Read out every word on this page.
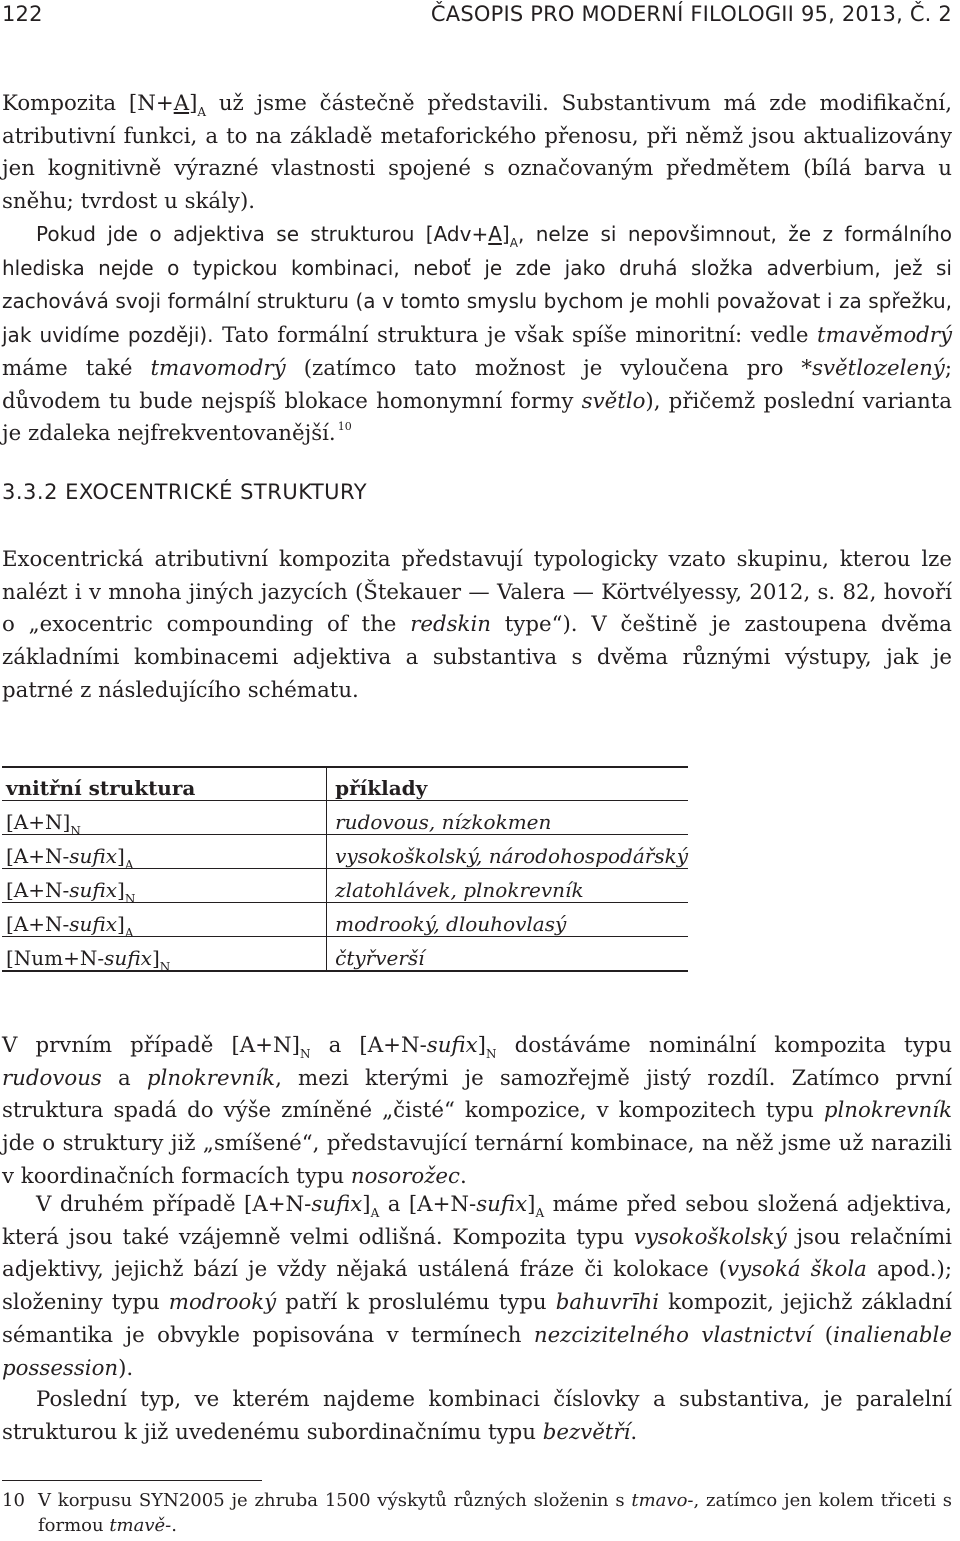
122	ČASOPIS PRO MODERNÍ FILOLOGII 95, 2013, Č. 2
Kompozita $[N+A]_A$ už jsme částečně představili. Substantivum má zde modifikační, atributivní funkci, a to na základě metaforického přenosu, při němž jsou aktualizovány jen kognitivně výrazné vlastnosti spojené s označovaným předmětem (bílá barva u sněhu; tvrdost u skály).
Pokud jde o adjektiva se strukturou $[Adv+A]_A$, nelze si nepovšimnout, že z formálního hlediska nejde o typickou kombinaci, neboť je zde jako druhá složka adverbium, jež si zachovává svoji formální strukturu (a v tomto smyslu bychom je mohli považovat i za spřežku, jak uvidíme později). Tato formální struktura je však spíše minoritní: vedle tmavěmodrý máme také tmavomodrý (zatímco tato možnost je vyloučena pro *světlozelený; důvodem tu bude nejspíš blokace homonymní formy světlo), přičemž poslední varianta je zdaleka nejfrekventovanější. $^{10}$
3.3.2 EXOCENTRICKÉ STRUKTURY
Exocentrická atributivní kompozita představují typologicky vzato skupinu, kterou lze nalézt i v mnoha jiných jazycích (Štekauer — Valera — Körtvélyessy, 2012, s. 82, hovoří o „exocentric compounding of the redskin type“). V češtině je zastoupena dvěma základními kombinacemi adjektiva a substantiva s dvěma různými výstupy, jak je patrné z následujícího schématu.
vnitřní struktura	příklady
$[A+N]_N$	rudovous, nízkokmen
$[A+N-sufix]_A$	vysokoškolský, národohospodářský
$[A+N-sufix]_N$	zlatohlávek, plnokrevník
$[A+N-sufix]_A$	modrooký, dlouhovlasý
$[Num+N-sufix]_N$	čtyřverší
V prvním případě $[A+N]_N$ a $[A+N-sufix]_N$ dostáváme nominální kompozita typu rudovous a plnokrevník, mezi kterými je samozřejmě jistý rozdíl. Zatímco první struktura spadá do výše zmíněné „čisté“ kompozice, v kompozitech typu plnokrevník jde o struktury již „smíšené“, představující ternární kombinace, na něž jsme už narazili v koordinačních formacích typu nosorožec.
V druhém případě $[A+N-sufix]_A$ a $[A+N-sufix]_A$ máme před sebou složená adjektiva, která jsou také vzájemně velmi odlišná. Kompozita typu vysokoškolský jsou relačními adjektivy, jejichž bází je vždy nějaká ustálená fráze či kolokace (vysoká škola apod.); složeniny typu modrooký patří k proslulému typu bahuvrīhi kompozit, jejichž základní sémantika je obvykle popisována v termínech nezcizitelného vlastnictví (inalienable possession).
Poslední typ, ve kterém najdeme kombinaci číslovky a substantiva, je paralelní strukturou k již uvedenému subordinačnímu typu bezvětří.
10 V korpusu SYN2005 je zhruba 1500 výskytů různých složenin s tmavo-, zatímco jen kolem třiceti s formou tmavě-.
